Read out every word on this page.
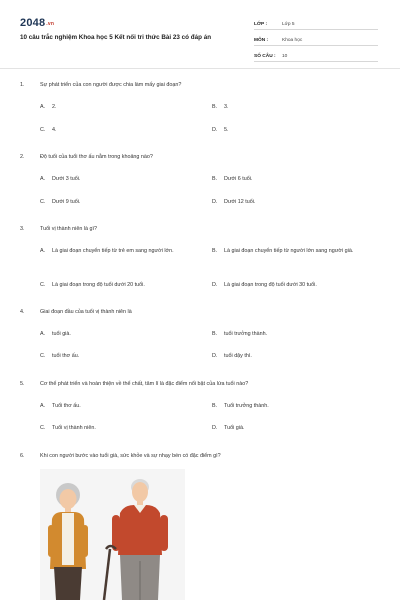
2048.vn
10 câu trắc nghiệm Khoa học 5 Kết nối tri thức Bài 23 có đáp án
LỚP :	Lớp 5
MÔN :	Khoa học
SỐ CÂU :	10
1.	Sự phát triển của con người được chia làm mấy giai đoạn?
A. 2.	B. 3.
C. 4.	D. 5.
2.	Độ tuổi của tuổi thơ ấu nằm trong khoảng nào?
A. Dưới 3 tuổi.	B. Dưới 6 tuổi.
C. Dưới 9 tuổi.	D. Dưới 12 tuổi.
3.	Tuổi vị thành niên là gì?
A.	Là giai đoạn chuyển tiếp từ trẻ em sang người lớn.	B.	Là giai đoạn chuyển tiếp từ người lớn sang người già.
C. Là giai đoạn trong độ tuổi dưới 20 tuổi.	D. Là giai đoạn trong độ tuổi dưới 30 tuổi.
4.	Giai đoạn đầu của tuổi vị thành niên là
A. tuổi già.	B. tuổi trưởng thành.
C. tuổi thơ ấu.	D. tuổi dậy thì.
5.	Cơ thể phát triển và hoàn thiện về thể chất, tâm lí là đặc điểm nổi bật của lứa tuổi nào?
A. Tuổi thơ ấu.	B. Tuổi trưởng thành.
C. Tuổi vị thành niên.	D. Tuổi già.
6.	Khi con người bước vào tuổi già, sức khỏe và sự nhạy bén có đặc điểm gì?
